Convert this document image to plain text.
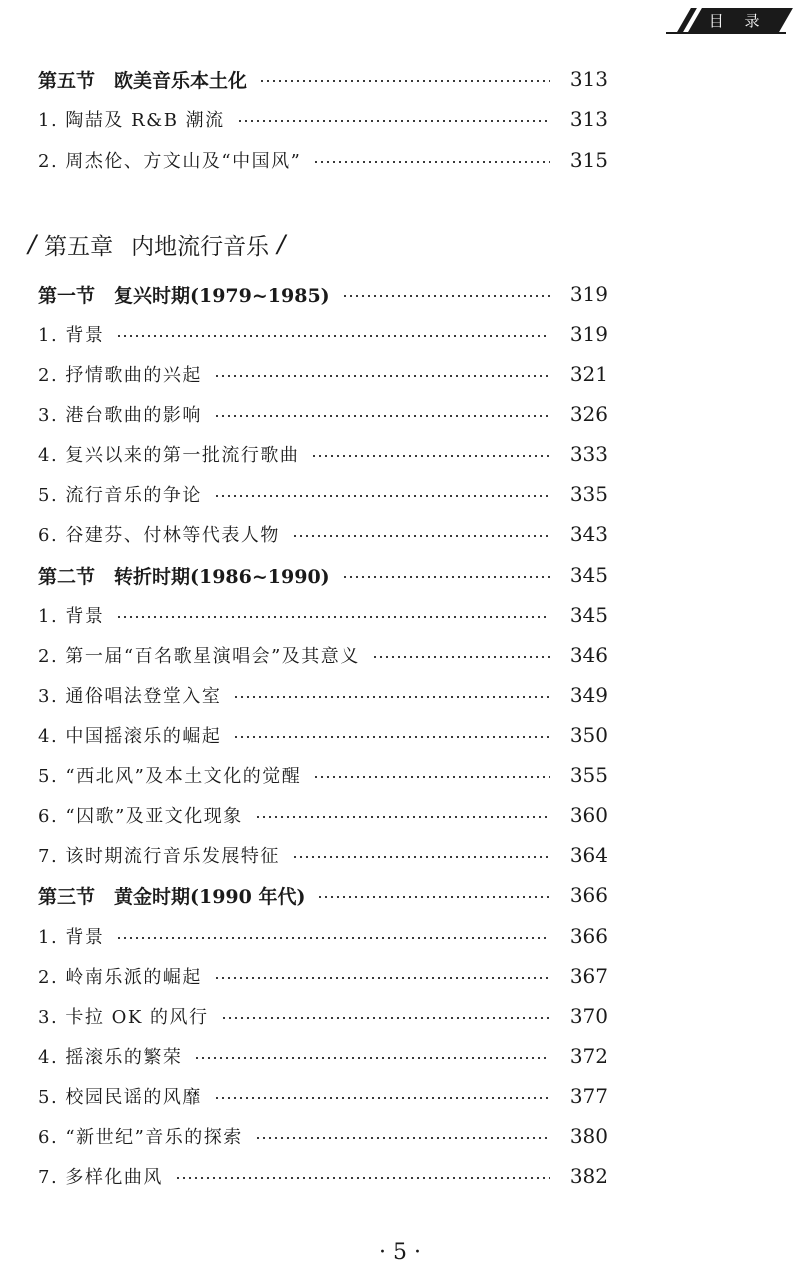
目 录
第五节　欧美音乐本土化	313
1. 陶喆及 R&B 潮流	313
2. 周杰伦、方文山及“中国风”	315
/ 第五章 内地流行音乐 /
第一节　复兴时期(1979~1985)	319
1. 背景	319
2. 抒情歌曲的兴起	321
3. 港台歌曲的影响	326
4. 复兴以来的第一批流行歌曲	333
5. 流行音乐的争论	335
6. 谷建芬、付林等代表人物	343
第二节　转折时期(1986~1990)	345
1. 背景	345
2. 第一届“百名歌星演唱会”及其意义	346
3. 通俗唱法登堂入室	349
4. 中国摇滚乐的崛起	350
5. “西北风”及本土文化的觉醒	355
6. “囚歌”及亚文化现象	360
7. 该时期流行音乐发展特征	364
第三节　黄金时期(1990 年代)	366
1. 背景	366
2. 岭南乐派的崛起	367
3. 卡拉 OK 的风行	370
4. 摇滚乐的繁荣	372
5. 校园民谣的风靡	377
6. “新世纪”音乐的探索	380
7. 多样化曲风	382
· 5 ·
